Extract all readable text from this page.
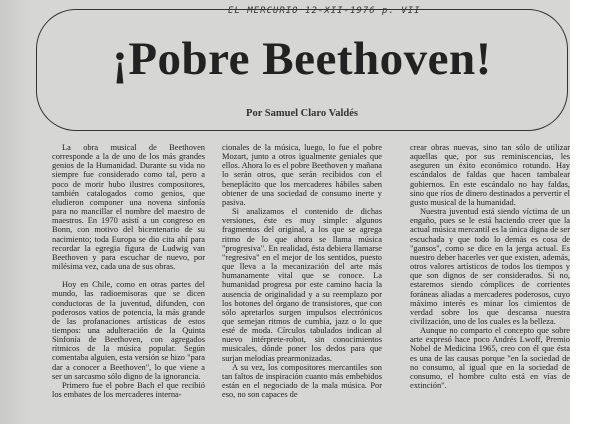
EL MERCURIO 12-XII-1976 p. VII
¡Pobre Beethoven!
Por Samuel Claro Valdés

La obra musical de Beethoven corresponde a la de uno de los más grandes genios de la Humanidad. Durante su vida no siempre fue considerado como tal, pero a poco de morir hubo ilustres compositores, también catalogados como genios, que eludieron componer una novena sinfonía para no mancillar el nombre del maestro de maestros. En 1970 asistí a un congreso en Bonn, con motivo del bicentenario de su nacimiento; toda Europa se dio cita ahí para recordar la egregia figura de Ludwig van Beethoven y para escuchar de nuevo, por milésima vez, cada una de sus obras.

Hoy en Chile, como en otras partes del mundo, las radioemisoras que se dicen conductoras de la juventud, difunden, con poderosos vatios de potencia, la más grande de las profanaciones artísticas de estos tiempos: una adulteración de la Quinta Sinfonía de Beethoven, con agregados rítmicos de la música popular. Según comentaba alguien, esta versión se hizo "para dar a conocer a Beethoven", lo que viene a ser un sarcasmo sólo digno de la ignorancia.

Primero fue el pobre Bach el que recibió los embates de los mercaderes interna-

cionales de la música, luego, lo fue el pobre Mozart, junto a otros igualmente geniales que ellos. Ahora lo es el pobre Beethoven y mañana lo serán otros, que serán recibidos con el beneplácito que los mercaderes hábiles saben obtener de una sociedad de consumo inerte y pasiva.

Si analizamos el contenido de dichas versiones, éste es muy simple: algunos fragmentos del original, a los que se agrega ritmo de lo que ahora se llama música "progresiva". En realidad, ésta debiera llamarse "regresiva" en el mejor de los sentidos, puesto que lleva a la mecanización del arte más humanamente vital que se conoce. La humanidad progresa por este camino hacia la ausencia de originalidad y a su reemplazo por los botones del órgano de transistores, que con sólo apretarlos surgen impulsos electrónicos que semejan ritmos de cumbia, jazz o lo que esté de moda. Círculos tabulados indican al nuevo intérprete-robot, sin conocimientos musicales, dónde poner los dedos para que surjan melodías prearmonizadas.

A su vez, los compositores mercantiles son tan faltos de inspiración cuanto más embebidos están en el negociado de la mala música. Por eso, no son capaces de

crear obras nuevas, sino tan sólo de utilizar aquellas que, por sus reminiscencias, les aseguren un éxito económico rotundo. Hay escándalos de faldas que hacen tambalear gobiernos. En este escándalo no hay faldas, sino que ríos de dinero destinados a pervertir el gusto musical de la humanidad.

Nuestra juventud está siendo víctima de un engaño, pues se le está haciendo creer que la actual música mercantil es la única digna de ser escuchada y que todo lo demás es cosa de "gansos", como se dice en la jerga actual. Es nuestro deber hacerles ver que existen, además, otros valores artísticos de todos los tiempos y que son dignos de ser considerados. Si no, estaremos siendo cómplices de corrientes foráneas aliadas a mercaderes poderosos, cuyo máximo interés es minar los cimientos de verdad sobre los que descansa nuestra civilización, uno de los cuales es la belleza.

Aunque no comparto el concepto que sobre arte expresó hace poco Andrés Lwoff, Premio Nobel de Medicina 1965, creo con él que ésta es una de las causas porque "en la sociedad de no consumo, al igual que en la sociedad de consumo, el hombre culto está en vías de extinción".
